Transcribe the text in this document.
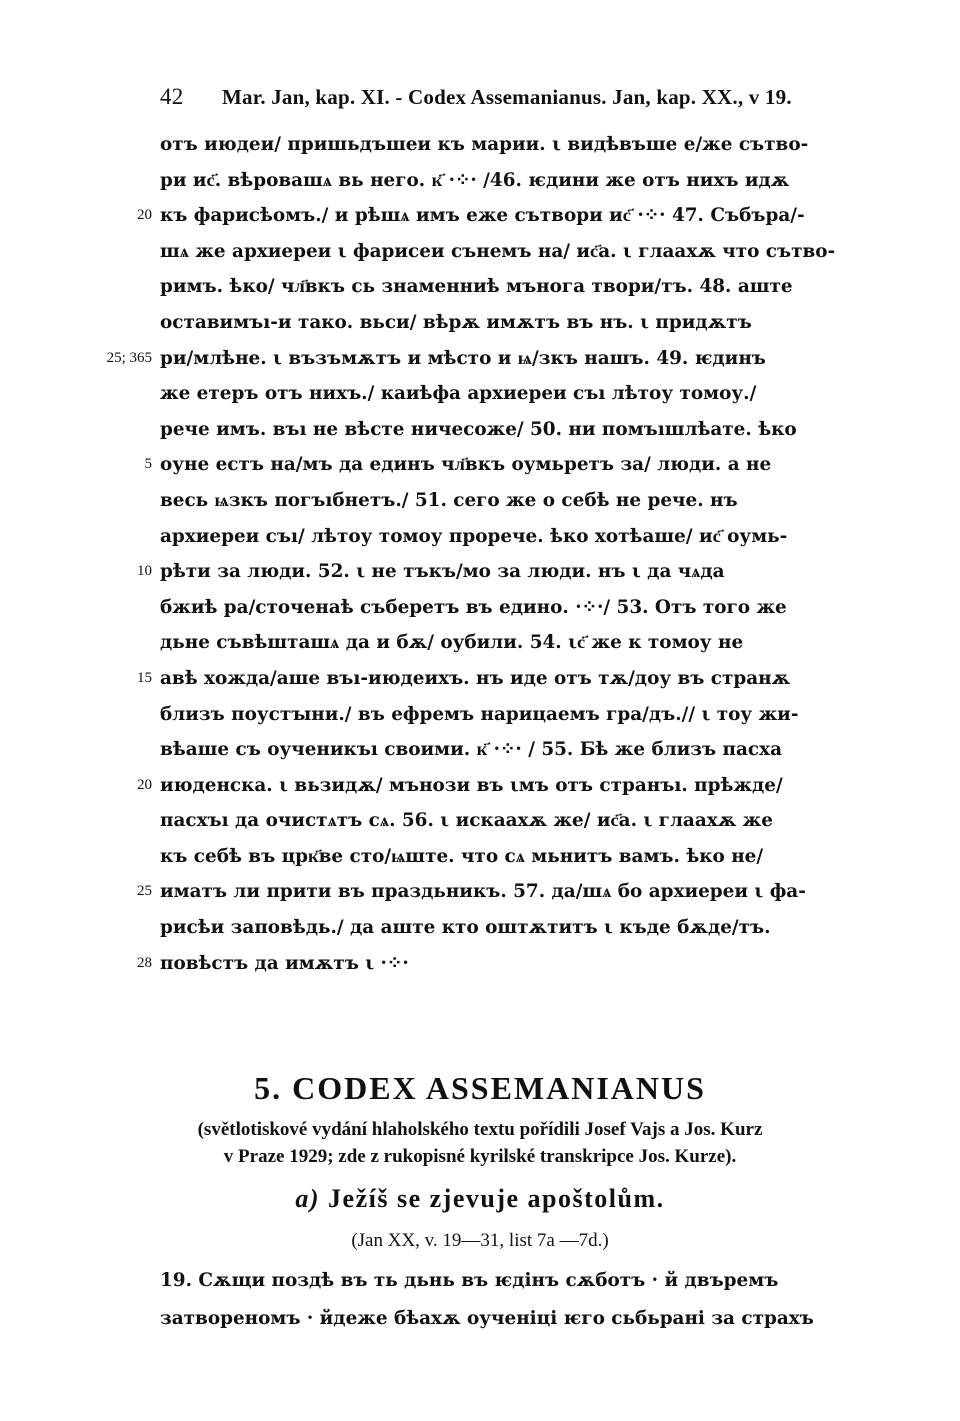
42 Mar. Jan, kap. XI. - Codex Assemanianus. Jan, kap. XX., v 19.
отъ июдеи/ пришьдъшеи къ марии. ι видѣвъше е/же сътво-
ри ис҃. вѣровашѧ вь него. к҃ ·⁘· /46. ѥдини же отъ нихъ идѫ
20 къ фарисѣомъ./ и рѣшѧ имъ еже сътвори ис҃ ·⁘· 47. Събъра/-
шѧ же архиереи ι фарисеи сънемъ на/ ис҃а. ι глаахѫ что сътво-
римъ. ѣко/ чл҃вкъ сь знаменниѣ мънога твори/тъ. 48. аште
оставимъı-и тако. вьси/ вѣрѫ имѫтъ въ нъ. ι придѫтъ
25; 365 ри/млѣне. ι възъмѫтъ и мѣсто и ѩ/зкъ нашъ. 49. ѥдинъ
же етеръ отъ нихъ./ каиѣфа архиереи съı лѣтоу томоу./
рече имъ. въı не вѣсте ничесоже/ 50. ни помъıшлѣате. ѣко
5 оуне естъ на/мъ да единъ чл҃вкъ оумьретъ за/ люди. а не
весь ѩзкъ погъıбнетъ./ 51. сего же о себѣ не рече. нъ
архиереи съı/ лѣтоу томоу прорече. ѣко хотѣаше/ ис҃ оумь-
10 рѣти за люди. 52. ι не тъкъ/мо за люди. нъ ι да чѧда
бжиѣ ра/сточенаѣ съберетъ въ едино. ·⁘·/ 53. Отъ того же
дьне съвѣшташѧ да и бѫ/ оубили. 54. ιс҃ же к томоу не
15 авѣ хожда/аше въı-июдеихъ. нъ иде отъ тѫ/доу въ странѫ
близъ поустꙑни./ въ ефремъ нарицаемъ гра/дъ.// ι тоу жи-
вѣаше съ оученикъı своими. к҃ ·⁘· / 55. Бѣ же близъ пасха
20 июденска. ι вьзидѫ/ мънози въ ιмъ отъ странъı. прѣжде/
пасхъı да очистѧтъ сѧ. 56. ι искаахѫ же/ ис҃а. ι глаахѫ же
къ себѣ въ црк҃ве сто/ѩште. что сѧ мьнитъ вамъ. ѣко не/
25 иматъ ли прити въ праздьникъ. 57. да/шѧ бо архиереи ι фа-
рисѣи заповѣдь./ да аште кто оштѫтитъ ι къде бѫде/тъ.
28 повѣстъ да имѫтъ ι ·⁘·
5. CODEX ASSEMANIANUS
(světlotiskové vydání hlaholského textu pořídili Josef Vajs a Jos. Kurz
v Praze 1929; zde z rukopisné kyrilské transkripce Jos. Kurze).
a) Ježíš se zjevuje apoštolům.
(Jan XX, v. 19—31, list 7a —7d.)
19. Сѫщи поздѣ въ ть дьнь въ ѥдінъ сѫботъ · й двъремъ
затвореномъ · йдеже бѣахѫ оученіці ѥго сьбьрані за страхъ
